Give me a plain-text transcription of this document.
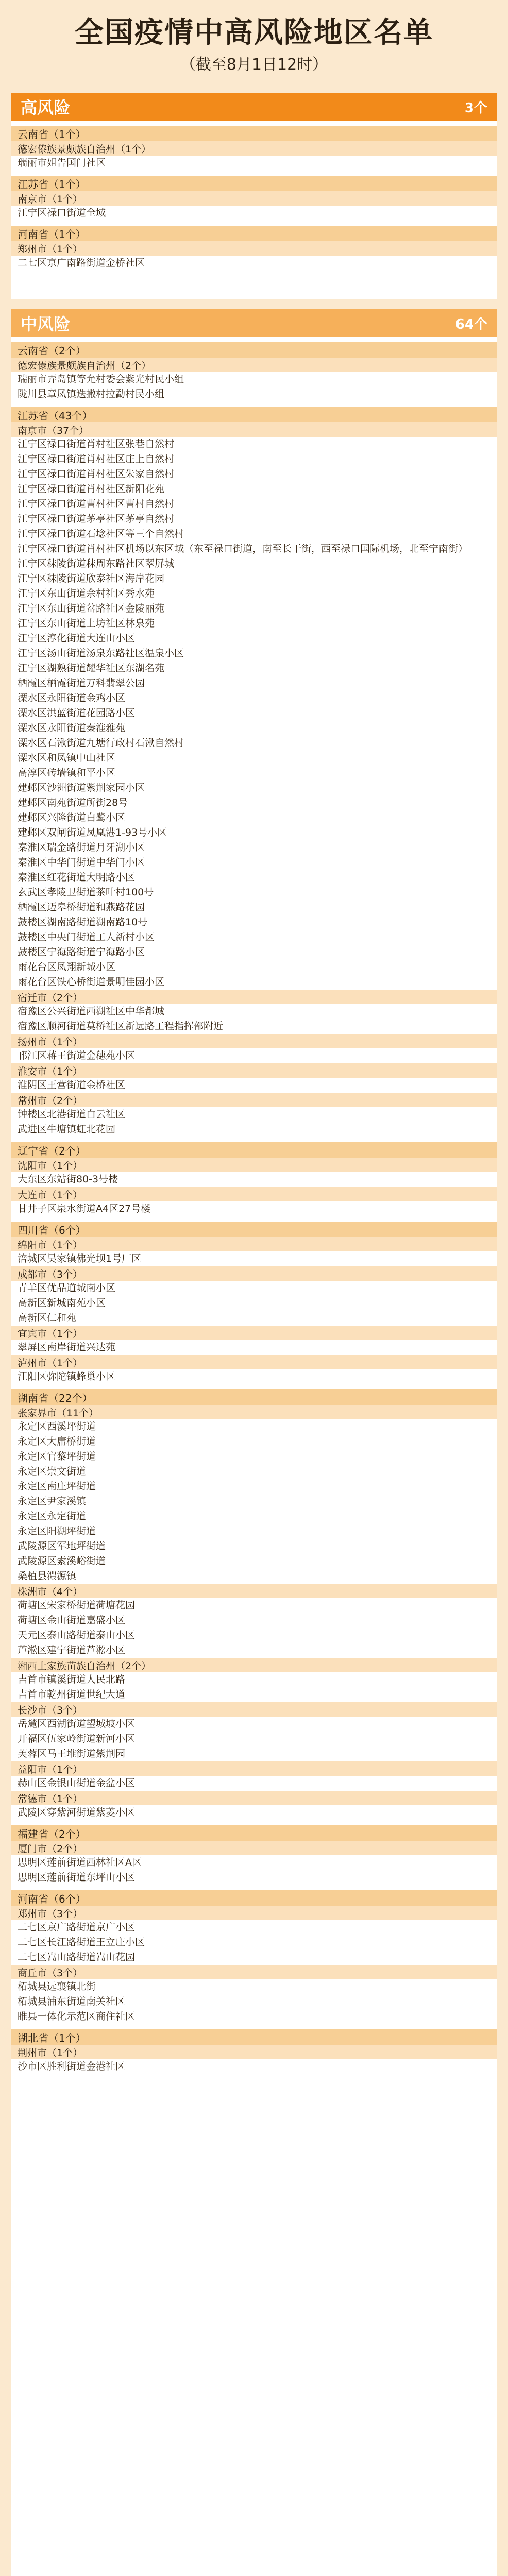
全国疫情中高风险地区名单
（截至8月1日12时）
高风险	3个
云南省（1个）
德宏傣族景颇族自治州（1个）
瑞丽市姐告国门社区
江苏省（1个）
南京市（1个）
江宁区禄口街道全域
河南省（1个）
郑州市（1个）
二七区京广南路街道金桥社区
中风险	64个
云南省（2个）
德宏傣族景颇族自治州（2个）
瑞丽市弄岛镇等允村委会紫光村民小组
陇川县章凤镇迭撒村拉勐村民小组
江苏省（43个）
南京市（37个）
江宁区禄口街道肖村社区张巷自然村
江宁区禄口街道肖村社区庄上自然村
江宁区禄口街道肖村社区朱家自然村
江宁区禄口街道肖村社区新阳花苑
江宁区禄口街道曹村社区曹村自然村
江宁区禄口街道茅亭社区茅亭自然村
江宁区禄口街道石埝社区等三个自然村
江宁区禄口街道肖村社区机场以东区域（东至禄口街道，南至长干街，西至禄口国际机场，北至宁南街）
江宁区秣陵街道秣周东路社区翠屏城
江宁区秣陵街道欣泰社区海岸花园
江宁区东山街道佘村社区秀水苑
江宁区东山街道岔路社区金陵丽苑
江宁区东山街道上坊社区林泉苑
江宁区淳化街道大连山小区
江宁区汤山街道汤泉东路社区温泉小区
江宁区湖熟街道耀华社区东湖名苑
栖霞区栖霞街道万科翡翠公园
溧水区永阳街道金鸡小区
溧水区洪蓝街道花园路小区
溧水区永阳街道秦淮雅苑
溧水区石湫街道九塘行政村石湫自然村
溧水区和凤镇中山社区
高淳区砖墙镇和平小区
建邺区沙洲街道紫荆家园小区
建邺区南苑街道所街28号
建邺区兴隆街道白鹭小区
建邺区双闸街道凤凰港1-93号小区
秦淮区瑞金路街道月牙湖小区
秦淮区中华门街道中华门小区
秦淮区红花街道大明路小区
玄武区孝陵卫街道茶叶村100号
栖霞区迈皋桥街道和燕路花园
鼓楼区湖南路街道湖南路10号
鼓楼区中央门街道工人新村小区
鼓楼区宁海路街道宁海路小区
雨花台区凤翔新城小区
雨花台区铁心桥街道景明佳园小区
宿迁市（2个）
宿豫区公兴街道西湖社区中华都城
宿豫区顺河街道莫桥社区新远路工程指挥部附近
扬州市（1个）
邗江区蒋王街道金穗苑小区
淮安市（1个）
淮阴区王营街道金桥社区
常州市（2个）
钟楼区北港街道白云社区
武进区牛塘镇虹北花园
辽宁省（2个）
沈阳市（1个）
大东区东站街80-3号楼
大连市（1个）
甘井子区泉水街道A4区27号楼
四川省（6个）
绵阳市（1个）
涪城区吴家镇佛光坝1号厂区
成都市（3个）
青羊区优品道城南小区
高新区新城南苑小区
高新区仁和苑
宜宾市（1个）
翠屏区南岸街道兴达苑
泸州市（1个）
江阳区弥陀镇蜂巢小区
湖南省（22个）
张家界市（11个）
永定区西溪坪街道
永定区大庸桥街道
永定区官黎坪街道
永定区崇文街道
永定区南庄坪街道
永定区尹家溪镇
永定区永定街道
永定区阳湖坪街道
武陵源区军地坪街道
武陵源区索溪峪街道
桑植县澧源镇
株洲市（4个）
荷塘区宋家桥街道荷塘花园
荷塘区金山街道嘉盛小区
天元区泰山路街道泰山小区
芦淞区建宁街道芦淞小区
湘西土家族苗族自治州（2个）
吉首市镇溪街道人民北路
吉首市乾州街道世纪大道
长沙市（3个）
岳麓区西湖街道望城坡小区
开福区伍家岭街道新河小区
芙蓉区马王堆街道紫荆园
益阳市（1个）
赫山区金银山街道金盆小区
常德市（1个）
武陵区穿紫河街道紫菱小区
福建省（2个）
厦门市（2个）
思明区莲前街道西林社区A区
思明区莲前街道东坪山小区
河南省（6个）
郑州市（3个）
二七区京广路街道京广小区
二七区长江路街道王立庄小区
二七区嵩山路街道嵩山花园
商丘市（3个）
柘城县远襄镇北街
柘城县浦东街道南关社区
睢县一体化示范区商住社区
湖北省（1个）
荆州市（1个）
沙市区胜利街道金港社区
